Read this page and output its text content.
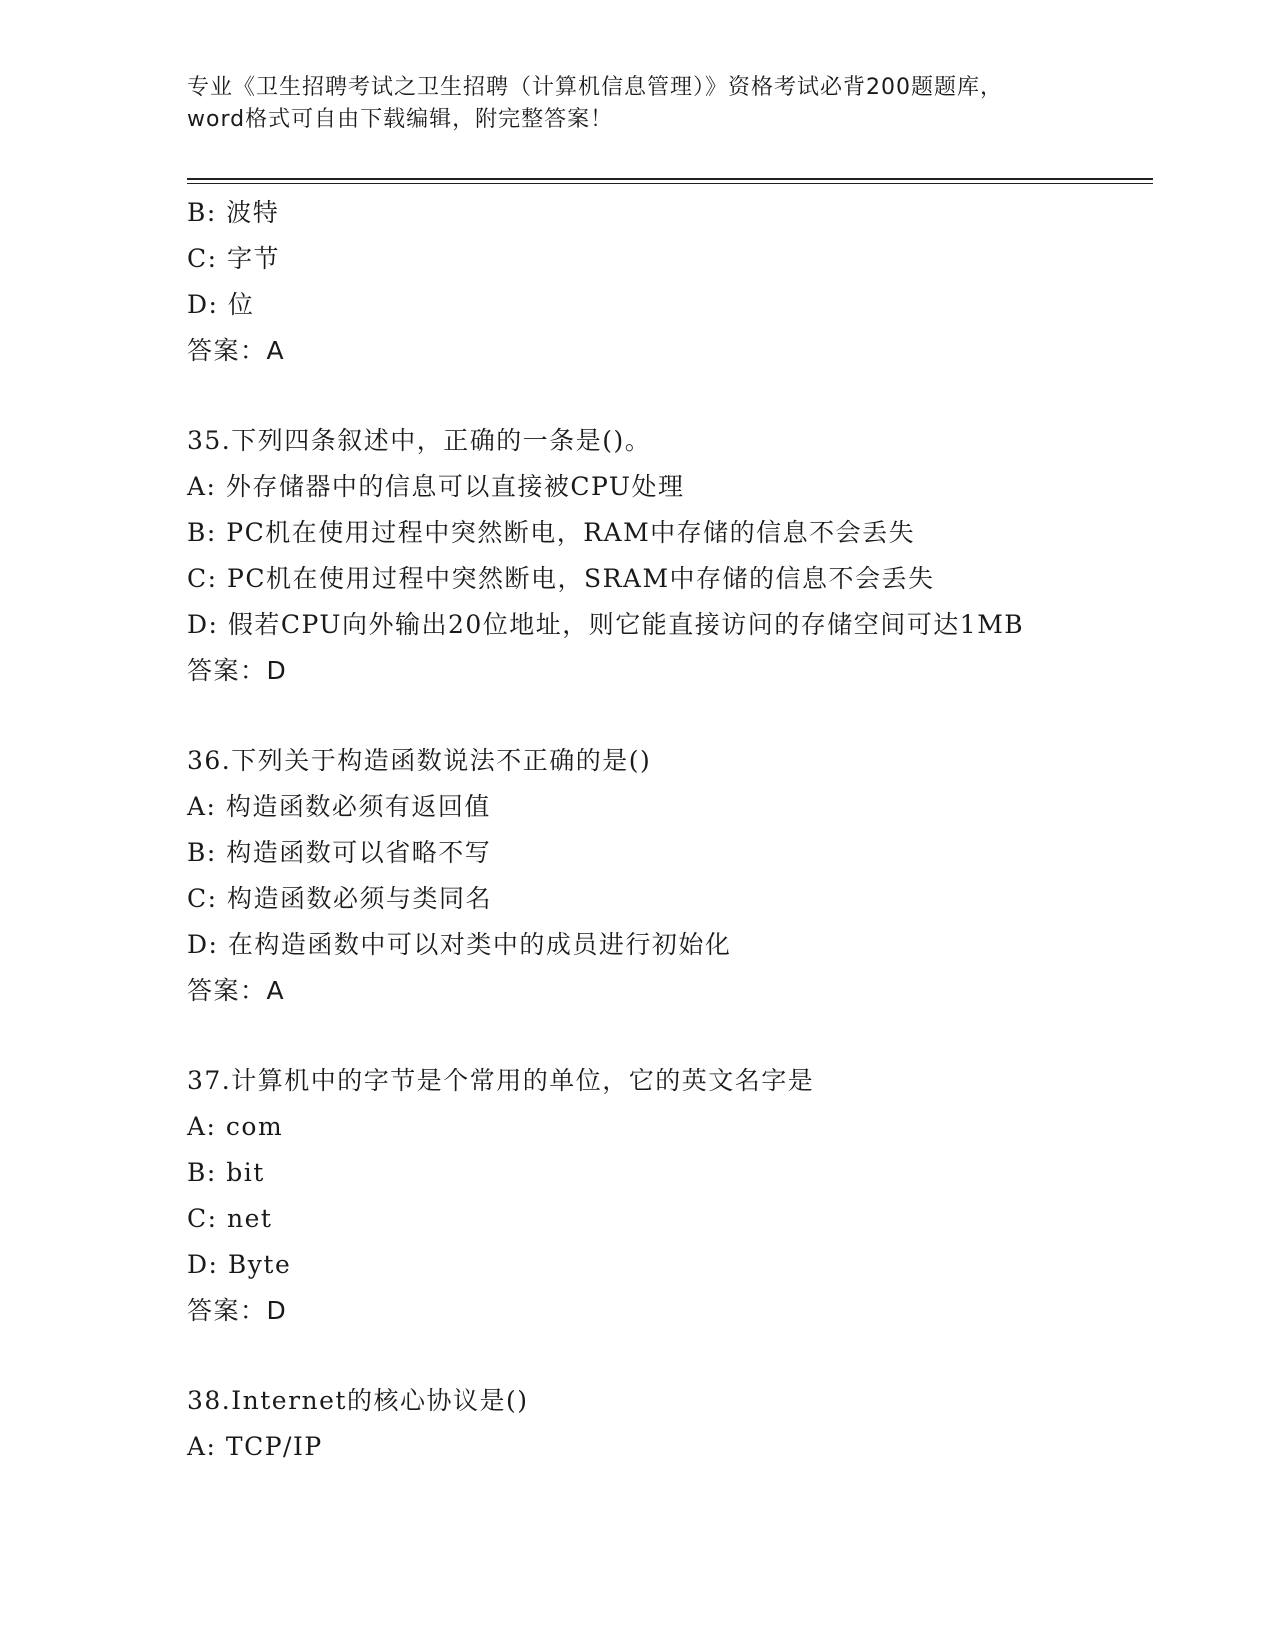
专业《卫生招聘考试之卫生招聘（计算机信息管理）》资格考试必背200题题库，
word格式可自由下载编辑，附完整答案！
B: 波特
C: 字节
D: 位
答案：A
35.下列四条叙述中，正确的一条是()。
A: 外存储器中的信息可以直接被CPU处理
B: PC机在使用过程中突然断电，RAM中存储的信息不会丢失
C: PC机在使用过程中突然断电，SRAM中存储的信息不会丢失
D: 假若CPU向外输出20位地址，则它能直接访问的存储空间可达1MB
答案：D
36.下列关于构造函数说法不正确的是()
A: 构造函数必须有返回值
B: 构造函数可以省略不写
C: 构造函数必须与类同名
D: 在构造函数中可以对类中的成员进行初始化
答案：A
37.计算机中的字节是个常用的单位，它的英文名字是
A: com
B: bit
C: net
D: Byte
答案：D
38.Internet的核心协议是()
A: TCP/IP
